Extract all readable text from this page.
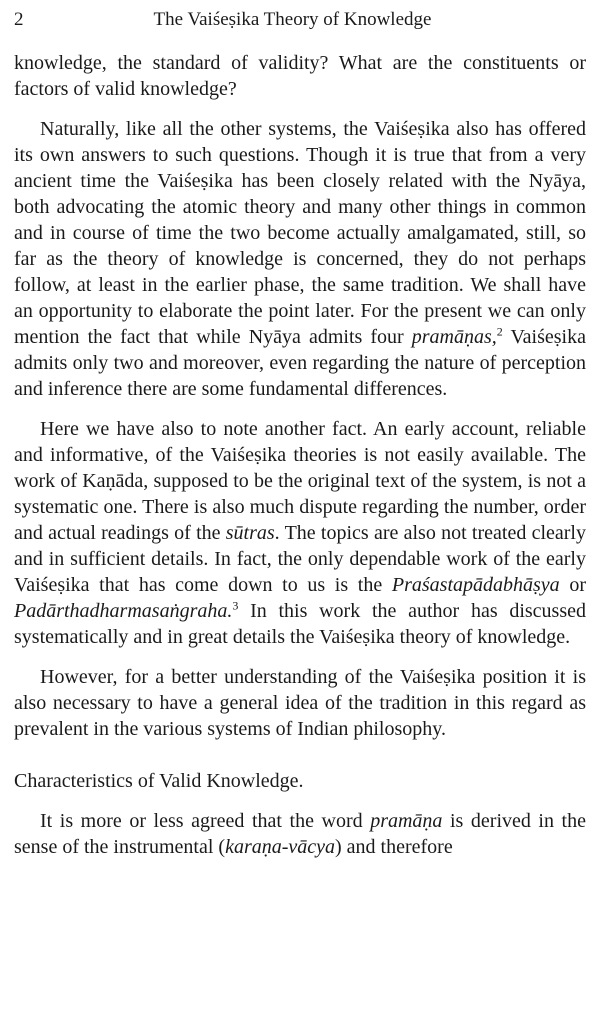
2	The Vaiśeṣika Theory of Knowledge

knowledge, the standard of validity? What are the constituents or factors of valid knowledge?

Naturally, like all the other systems, the Vaiśeṣika also has offered its own answers to such questions. Though it is true that from a very ancient time the Vaiśeṣika has been closely related with the Nyāya, both advocating the atomic theory and many other things in common and in course of time the two become actually amalgamated, still, so far as the theory of knowledge is concerned, they do not perhaps follow, at least in the earlier phase, the same tradition. We shall have an opportunity to elaborate the point later. For the present we can only mention the fact that while Nyāya admits four pramāṇas,$^2$ Vaiśeṣika admits only two and moreover, even regarding the nature of perception and inference there are some fundamental differences.

Here we have also to note another fact. An early account, reliable and informative, of the Vaiśeṣika theories is not easily available. The work of Kaṇāda, supposed to be the original text of the system, is not a systematic one. There is also much dispute regarding the number, order and actual readings of the sūtras. The topics are also not treated clearly and in sufficient details. In fact, the only dependable work of the early Vaiśeṣika that has come down to us is the Praśastapādabhāṣya or Padārthadharmasaṅgraha.$^3$ In this work the author has discussed systematically and in great details the Vaiśeṣika theory of knowledge.

However, for a better understanding of the Vaiśeṣika position it is also necessary to have a general idea of the tradition in this regard as prevalent in the various systems of Indian philosophy.

Characteristics of Valid Knowledge.

It is more or less agreed that the word pramāṇa is derived in the sense of the instrumental (karaṇa-vācya) and therefore
